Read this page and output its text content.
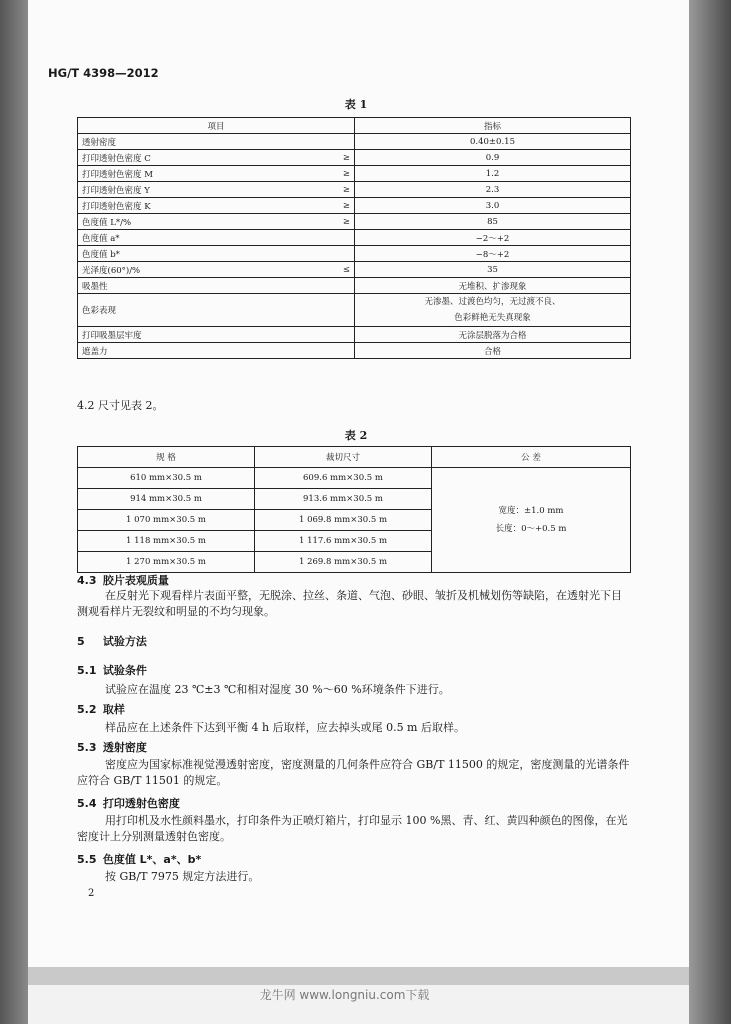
龙牛网 www.longniu.com下载
HG/T 4398—2012
表 1
项目		指标
透射密度		0.40±0.15

打印透射色密度 C	≥	0.9

打印透射色密度 M	≥	1.2

打印透射色密度 Y	≥	2.3

打印透射色密度 K	≥	3.0

色度值 L*/%	≥	85

色度值 a*		−2～+2

色度值 b*		−8～+2

光泽度(60°)/%	≤	35

吸墨性		无堆积、扩渗现象

色彩表现		无渗墨、过渡色均匀，无过渡不良、
色彩鲜艳无失真现象

打印吸墨层牢度		无涂层脱落为合格

遮盖力		合格
4.2 尺寸见表 2。
表 2
规 格	裁切尺寸	公 差
610 mm×30.5 m	609.6 mm×30.5 m	宽度：±1.0 mm
长度：0～+0.5 m

914 mm×30.5 m	913.6 mm×30.5 m	
1 070 mm×30.5 m	1 069.8 mm×30.5 m	
1 118 mm×30.5 m	1 117.6 mm×30.5 m	
1 270 mm×30.5 m	1 269.8 mm×30.5 m	
4.3 胶片表观质量
在反射光下观看样片表面平整，无脱涂、拉丝、条道、气泡、砂眼、皱折及机械划伤等缺陷，在透射光下目测观看样片无裂纹和明显的不均匀现象。
5 试验方法
5.1 试验条件
试验应在温度 23 ℃±3 ℃和相对湿度 30 %～60 %环境条件下进行。
5.2 取样
样品应在上述条件下达到平衡 4 h 后取样，应去掉头或尾 0.5 m 后取样。
5.3 透射密度
密度应为国家标准视觉漫透射密度，密度测量的几何条件应符合 GB/T 11500 的规定，密度测量的光谱条件应符合 GB/T 11501 的规定。
5.4 打印透射色密度
用打印机及水性颜料墨水，打印条件为正喷灯箱片，打印显示 100 %黑、青、红、黄四种颜色的图像，在光密度计上分别测量透射色密度。
5.5 色度值 L*、a*、b*
按 GB/T 7975 规定方法进行。
2
